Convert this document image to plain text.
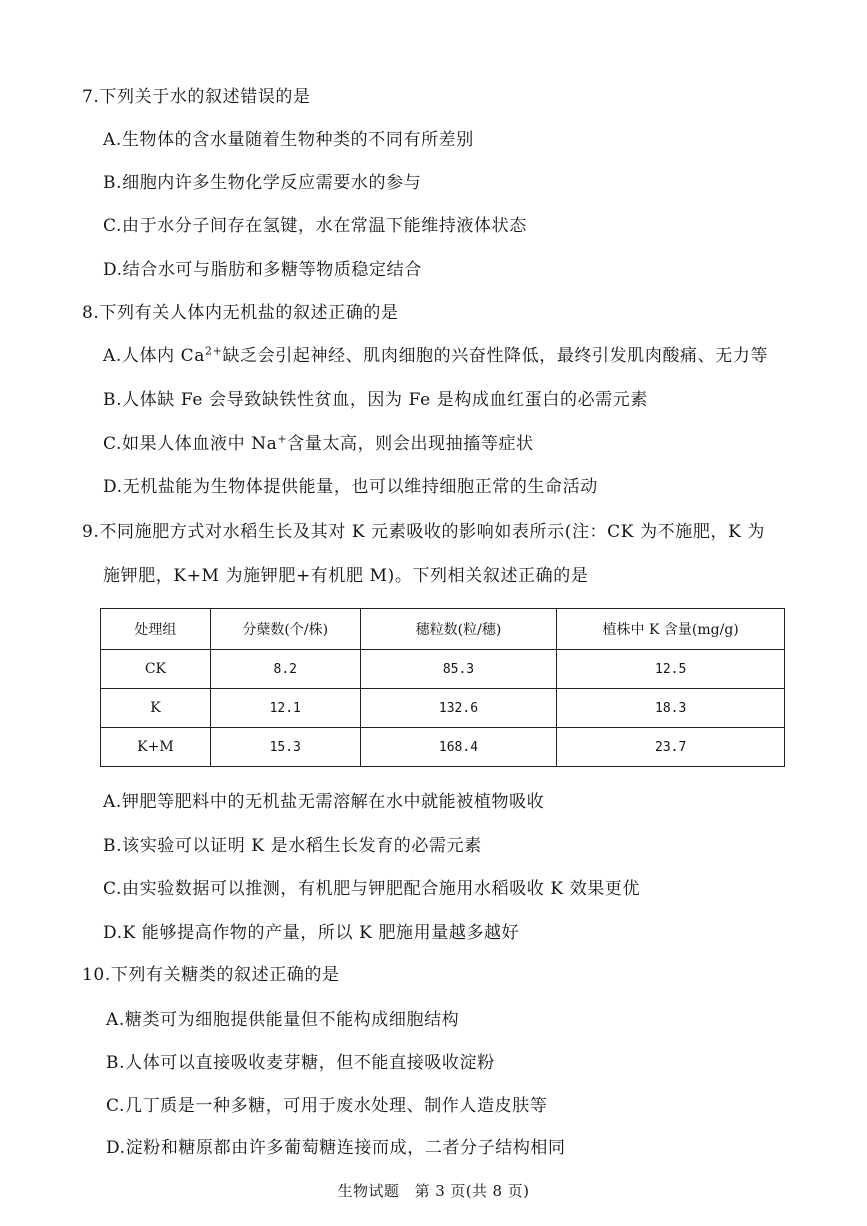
7.下列关于水的叙述错误的是
A.生物体的含水量随着生物种类的不同有所差别
B.细胞内许多生物化学反应需要水的参与
C.由于水分子间存在氢键，水在常温下能维持液体状态
D.结合水可与脂肪和多糖等物质稳定结合
8.下列有关人体内无机盐的叙述正确的是
A.人体内 $Ca^{2+}$缺乏会引起神经、肌肉细胞的兴奋性降低，最终引发肌肉酸痛、无力等
B.人体缺 Fe 会导致缺铁性贫血，因为 Fe 是构成血红蛋白的必需元素
C.如果人体血液中 Na+含量太高，则会出现抽搐等症状
D.无机盐能为生物体提供能量，也可以维持细胞正常的生命活动
9.不同施肥方式对水稻生长及其对 K 元素吸收的影响如表所示(注：CK 为不施肥，K 为
施钾肥，K+M 为施钾肥+有机肥 M)。下列相关叙述正确的是
处理组	分蘖数(个/株)	穗粒数(粒/穗)	植株中 K 含量(mg/g)
CK	8.2	85.3	12.5
K	12.1	132.6	18.3
K+M	15.3	168.4	23.7
A.钾肥等肥料中的无机盐无需溶解在水中就能被植物吸收
B.该实验可以证明 K 是水稻生长发育的必需元素
C.由实验数据可以推测，有机肥与钾肥配合施用水稻吸收 K 效果更优
D.K 能够提高作物的产量，所以 K 肥施用量越多越好
10.下列有关糖类的叙述正确的是
A.糖类可为细胞提供能量但不能构成细胞结构
B.人体可以直接吸收麦芽糖，但不能直接吸收淀粉
C.几丁质是一种多糖，可用于废水处理、制作人造皮肤等
D.淀粉和糖原都由许多葡萄糖连接而成，二者分子结构相同
生物试题　第 3 页(共 8 页)
